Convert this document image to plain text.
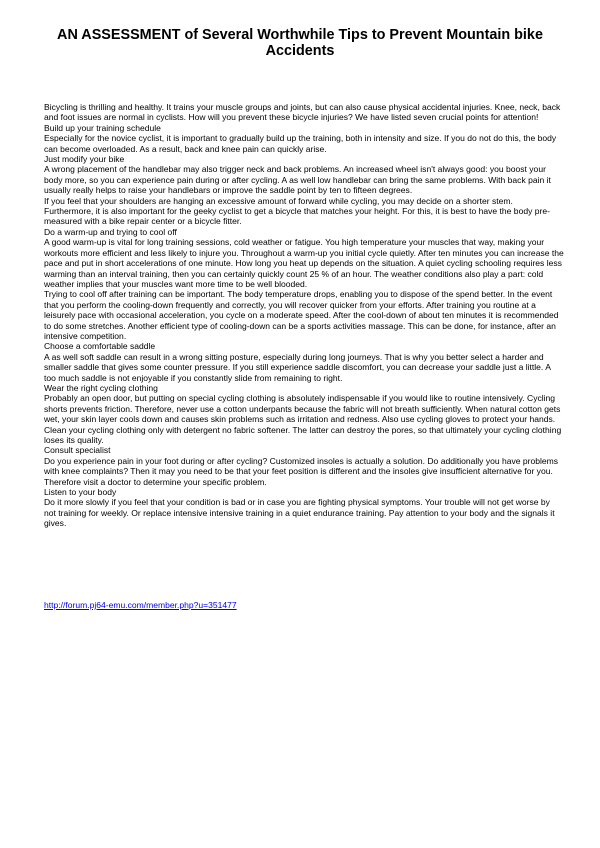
AN ASSESSMENT of Several Worthwhile Tips to Prevent Mountain bike Accidents

Bicycling is thrilling and healthy. It trains your muscle groups and joints, but can also cause physical accidental injuries. Knee, neck, back and foot issues are normal in cyclists. How will you prevent these bicycle injuries? We have listed seven crucial points for attention!

Build up your training schedule

Especially for the novice cyclist, it is important to gradually build up the training, both in intensity and size. If you do not do this, the body can become overloaded. As a result, back and knee pain can quickly arise.

Just modify your bike

A wrong placement of the handlebar may also trigger neck and back problems. An increased wheel isn't always good: you boost your body more, so you can experience pain during or after cycling. A as well low handlebar can bring the same problems. With back pain it usually really helps to raise your handlebars or improve the saddle point by ten to fifteen degrees.

If you feel that your shoulders are hanging an excessive amount of forward while cycling, you may decide on a shorter stem. Furthermore, it is also important for the geeky cyclist to get a bicycle that matches your height. For this, it is best to have the body pre-measured with a bike repair center or a bicycle fitter.

Do a warm-up and trying to cool off

A good warm-up is vital for long training sessions, cold weather or fatigue. You high temperature your muscles that way, making your workouts more efficient and less likely to injure you. Throughout a warm-up you initial cycle quietly. After ten minutes you can increase the pace and put in short accelerations of one minute. How long you heat up depends on the situation. A quiet cycling schooling requires less warming than an interval training, then you can certainly quickly count 25 % of an hour. The weather conditions also play a part: cold weather implies that your muscles want more time to be well blooded.

Trying to cool off after training can be important. The body temperature drops, enabling you to dispose of the spend better. In the event that you perform the cooling-down frequently and correctly, you will recover quicker from your efforts. After training you routine at a leisurely pace with occasional acceleration, you cycle on a moderate speed. After the cool-down of about ten minutes it is recommended to do some stretches. Another efficient type of cooling-down can be a sports activities massage. This can be done, for instance, after an intensive competition.

Choose a comfortable saddle

A as well soft saddle can result in a wrong sitting posture, especially during long journeys. That is why you better select a harder and smaller saddle that gives some counter pressure. If you still experience saddle discomfort, you can decrease your saddle just a little. A too much saddle is not enjoyable if you constantly slide from remaining to right.

Wear the right cycling clothing

Probably an open door, but putting on special cycling clothing is absolutely indispensable if you would like to routine intensively. Cycling shorts prevents friction. Therefore, never use a cotton underpants because the fabric will not breath sufficiently. When natural cotton gets wet, your skin layer cools down and causes skin problems such as irritation and redness. Also use cycling gloves to protect your hands. Clean your cycling clothing only with detergent no fabric softener. The latter can destroy the pores, so that ultimately your cycling clothing loses its quality.

Consult specialist

Do you experience pain in your foot during or after cycling? Customized insoles is actually a solution. Do additionally you have problems with knee complaints? Then it may you need to be that your feet position is different and the insoles give insufficient alternative for you. Therefore visit a doctor to determine your specific problem.

Listen to your body

Do it more slowly if you feel that your condition is bad or in case you are fighting physical symptoms. Your trouble will not get worse by not training for weekly. Or replace intensive intensive training in a quiet endurance training. Pay attention to your body and the signals it gives.

http://forum.pj64-emu.com/member.php?u=351477
